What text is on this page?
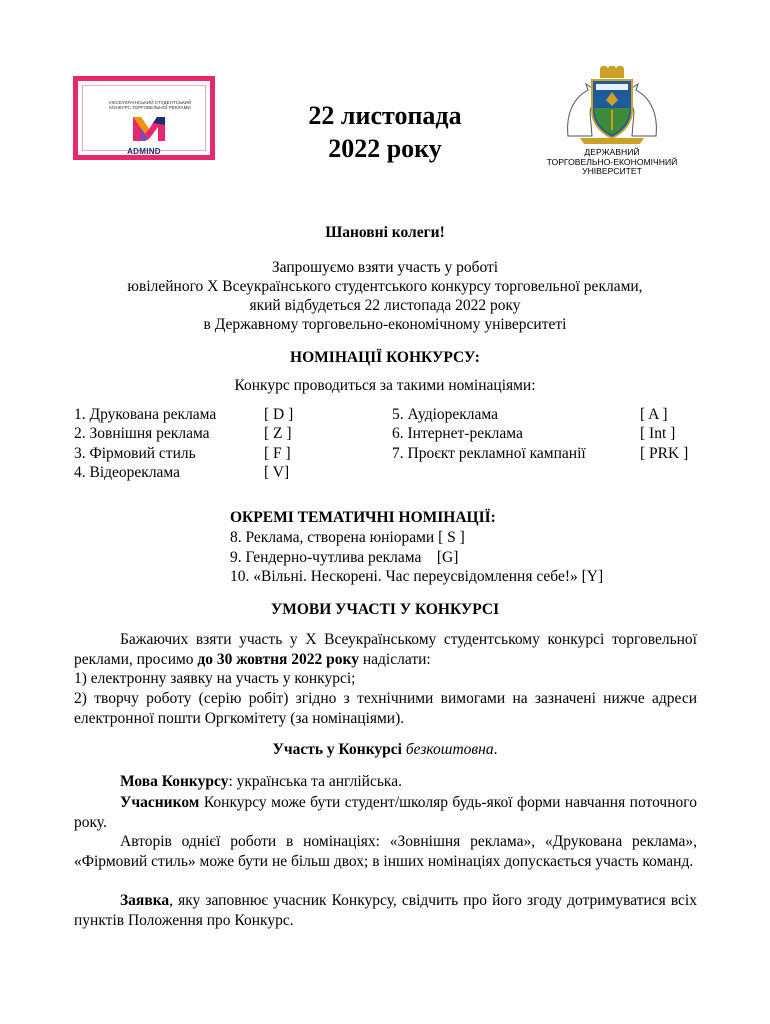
VIIIСЕУКРАЇНСЬКИЙ СТУДЕНТСЬКИЙ КОНКУРС ТОРГОВЕЛЬНОЇ РЕКЛАМИ
ADMIND
22 листопада
2022 року	ДЕРЖАВНИЙ
ТОРГОВЕЛЬНО-ЕКОНОМІЧНИЙ
УНІВЕРСИТЕТ
Шановні колеги!
Запрошуємо взяти участь у роботі
ювілейного Х Всеукраїнського студентського конкурсу торговельної реклами,
який відбудеться 22 листопада 2022 року
в Державному торговельно-економічному університеті
НОМІНАЦІЇ КОНКУРСУ:
Конкурс проводиться за такими номінаціями:
1. Друкована реклама	[ D ]
2. Зовнішня реклама	[ Z ]
3. Фірмовий стиль	[ F ]
4. Відеореклама	[ V]
5. Аудіореклама	[ A ]
6. Інтернет-реклама	[ Int ]
7. Проєкт рекламної кампанії	[ PRK ]
ОКРЕМІ ТЕМАТИЧНІ НОМІНАЦІЇ:
8. Реклама, створена юніорами [ S ]
9. Гендерно-чутлива реклама    [G]
10. «Вільні. Нескорені. Час переусвідомлення себе!» [Y]
УМОВИ УЧАСТІ У КОНКУРСІ
Бажаючих взяти участь у Х Всеукраїнському студентському конкурсі торговельної реклами, просимо до 30 жовтня 2022 року надіслати:
1) електронну заявку на участь у конкурсі;
2) творчу роботу (серію робіт) згідно з технічними вимогами на зазначені нижче адреси електронної пошти Оргкомітету (за номінаціями).
Участь у Конкурсі безкоштовна.
Мова Конкурсу: українська та англійська.
Учасником Конкурсу може бути студент/школяр будь-якої форми навчання поточного року.
Авторів однієї роботи в номінаціях: «Зовнішня реклама», «Друкована реклама», «Фірмовий стиль» може бути не більш двох; в інших номінаціях допускається участь команд.
Заявка, яку заповнює учасник Конкурсу, свідчить про його згоду дотримуватися всіх пунктів Положення про Конкурс.
